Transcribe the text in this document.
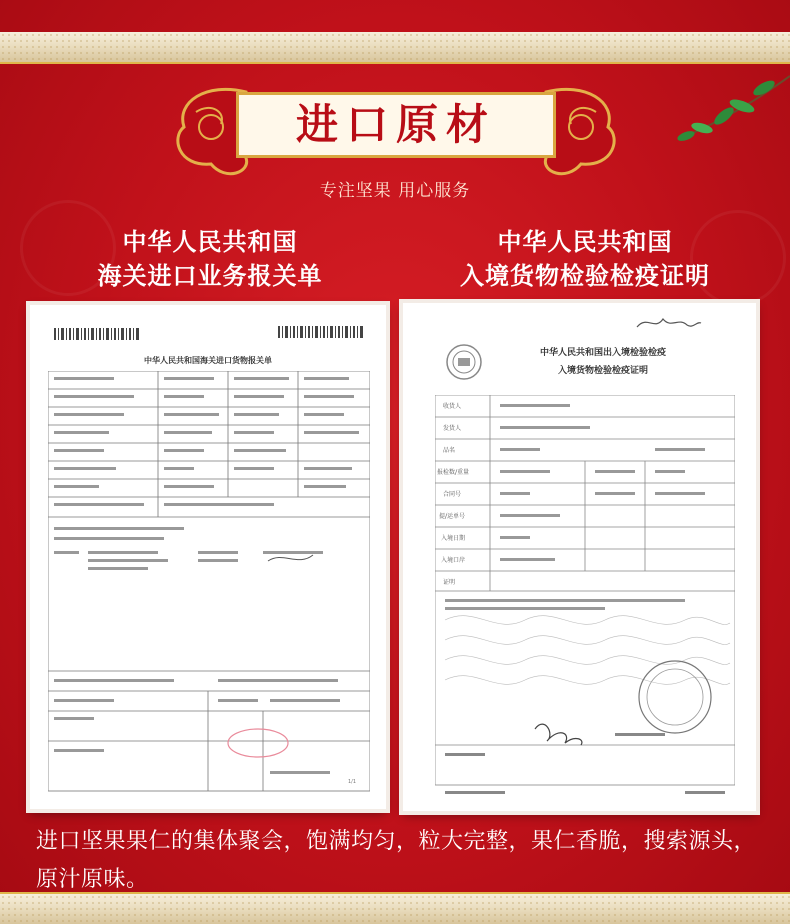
进口原材
专注坚果 用心服务
中华人民共和国
海关进口业务报关单
中华人民共和国
入境货物检验检疫证明
中华人民共和国海关进口货物报关单
1/1
中华人民共和国出入境检验检疫
入境货物检验检疫证明
收货人
发货人
品名
报检数/重量
合同号
提/运单号
入境日期
入境口岸
证明
进口坚果果仁的集体聚会，饱满均匀，粒大完整，果仁香脆，搜索源头，原汁原味。
